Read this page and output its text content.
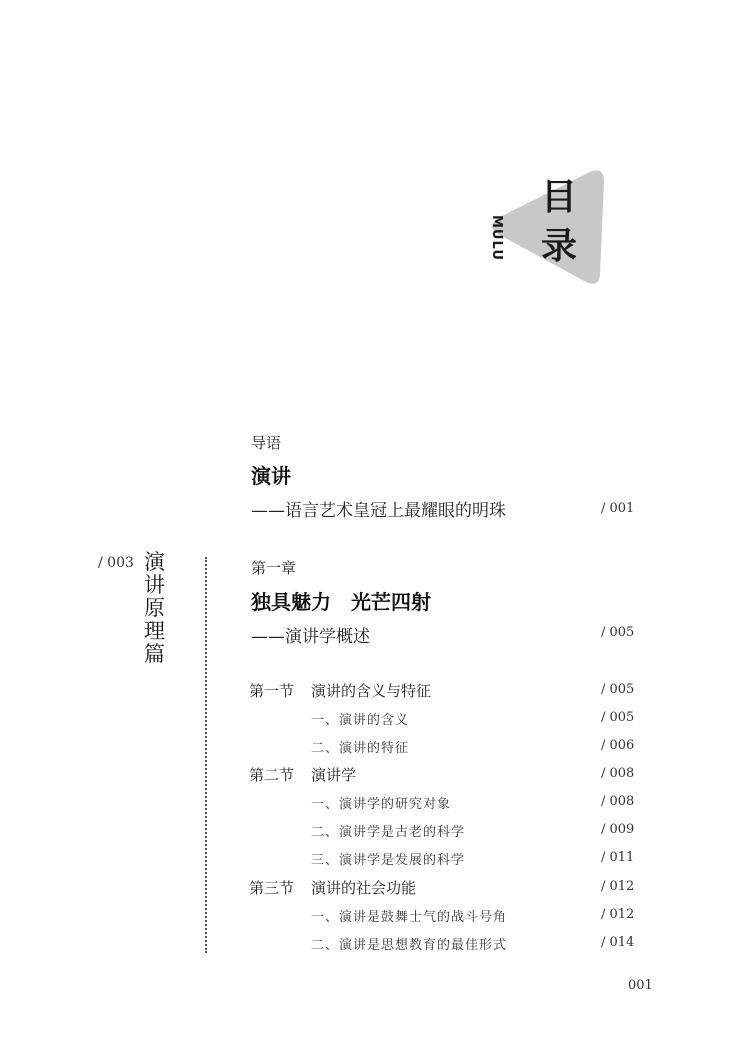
目
录
MULU
导语
演讲
——语言艺术皇冠上最耀眼的明珠	/ 001
/ 003 演讲原理篇
第一章
独具魅力　光芒四射
——演讲学概述	/ 005
第一节 演讲的含义与特征	/ 005
一、演讲的含义	/ 005
二、演讲的特征	/ 006
第二节 演讲学	/ 008
一、演讲学的研究对象	/ 008
二、演讲学是古老的科学	/ 009
三、演讲学是发展的科学	/ 011
第三节 演讲的社会功能	/ 012
一、演讲是鼓舞士气的战斗号角	/ 012
二、演讲是思想教育的最佳形式	/ 014
001
